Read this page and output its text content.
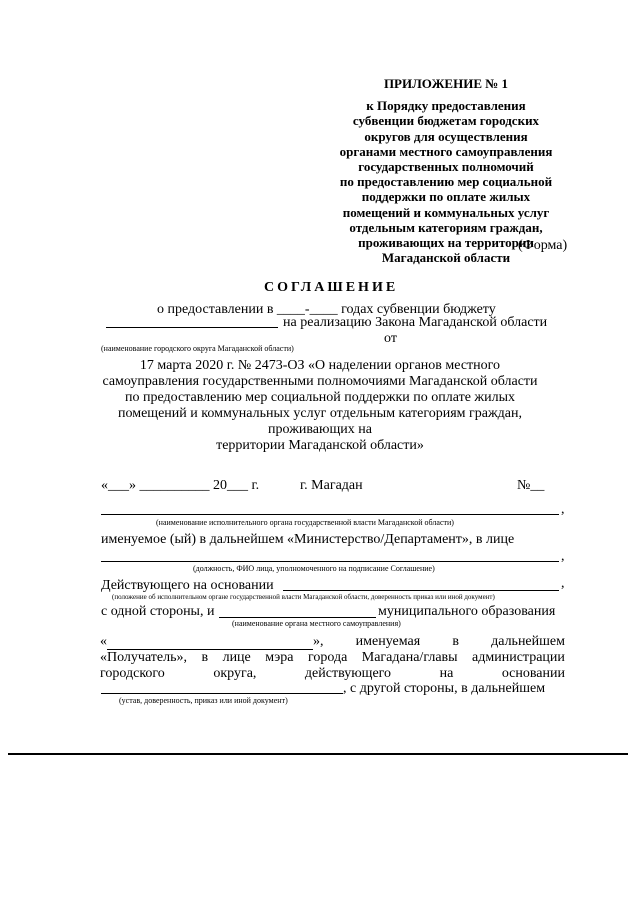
ПРИЛОЖЕНИЕ № 1
к Порядку предоставления
субвенции бюджетам городских
округов для осуществления
органами местного самоуправления
государственных полномочий
по предоставлению мер социальной
поддержки по оплате жилых
помещений и коммунальных услуг
отдельным категориям граждан,
проживающих на территории
Магаданской области
(Форма)
СОГЛАШЕНИЕ
о предоставлении в ____-____ годах субвенции бюджету
на реализацию Закона Магаданской области
от
(наименование городского округа Магаданской области)
17 марта 2020 г. № 2473-ОЗ «О наделении органов местного
самоуправления государственными полномочиями Магаданской области
по предоставлению мер социальной поддержки по оплате жилых
помещений и коммунальных услуг отдельным категориям граждан,
проживающих на
территории Магаданской области»
«___» __________ 20___ г.	г. Магадан	№__
,
(наименование исполнительного органа государственной власти Магаданской области)
именуемое (ый) в дальнейшем «Министерство/Департамент», в лице
,
(должность, ФИО лица, уполномоченного на подписание Соглашение)
Действующего на основании	,
(положение об исполнительном органе государственной власти Магаданской области, доверенность приказ или иной документ)
с одной стороны, и	муниципального образования
(наименование органа местного самоуправления)
«	», именуемая в дальнейшем
«Получатель», в лице мэра города Магадана/главы администрации
городского	округа,	действующего	на	основании
, с другой стороны, в дальнейшем
(устав, доверенность, приказ или иной документ)
